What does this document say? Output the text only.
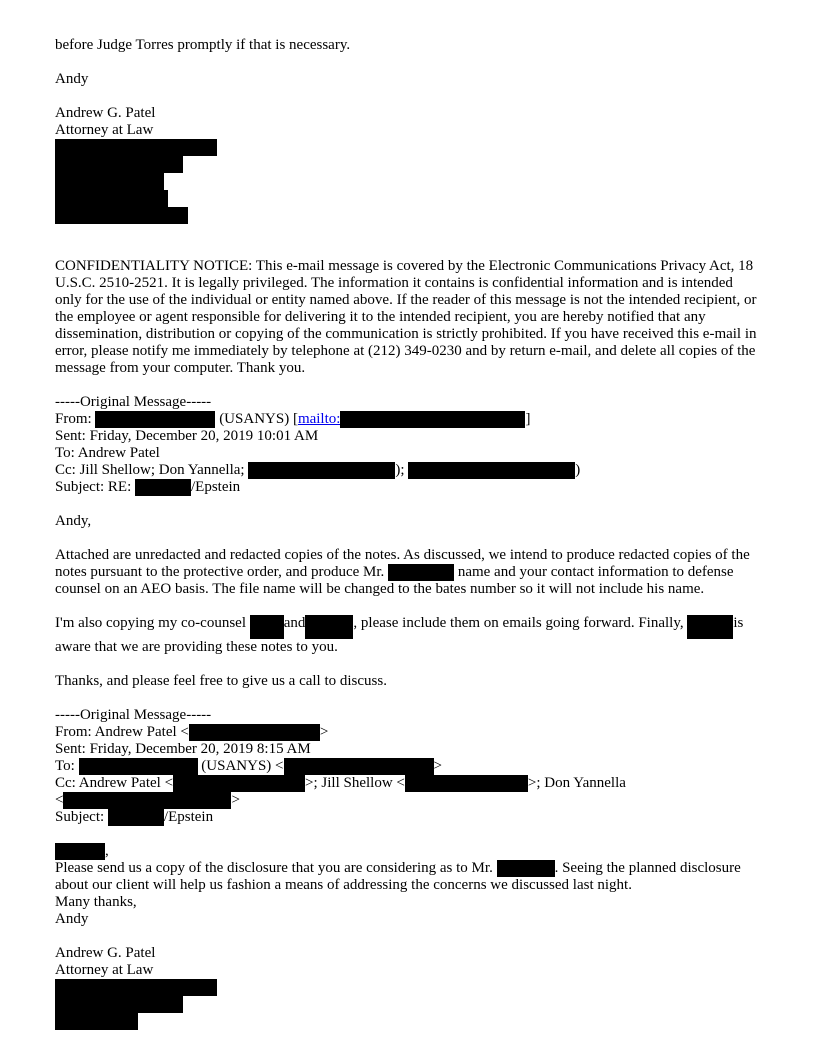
before Judge Torres promptly if that is necessary.
Andy
Andrew G. Patel
Attorney at Law
CONFIDENTIALITY NOTICE: This e-mail message is covered by the Electronic Communications Privacy Act, 18 U.S.C. 2510-2521. It is legally privileged. The information it contains is confidential information and is intended only for the use of the individual or entity named above. If the reader of this message is not the intended recipient, or the employee or agent responsible for delivering it to the intended recipient, you are hereby notified that any dissemination, distribution or copying of the communication is strictly prohibited. If you have received this e-mail in error, please notify me immediately by telephone at (212) 349-0230 and by return e-mail, and delete all copies of the message from your computer. Thank you.
-----Original Message-----
From:	(USANYS) [mailto:	]
Sent: Friday, December 20, 2019 10:01 AM
To: Andrew Patel
Cc: Jill Shellow; Don Yannella;	);	)
Subject: RE:	/Epstein
Andy,
Attached are unredacted and redacted copies of the notes. As discussed, we intend to produce redacted copies of the notes pursuant to the protective order, and produce Mr.	name and your contact information to defense counsel on an AEO basis. The file name will be changed to the bates number so it will not include his name.
I'm also copying my co-counsel and	, please include them on emails going forward. Finally,	is aware that we are providing these notes to you.
Thanks, and please feel free to give us a call to discuss.
-----Original Message-----
From: Andrew Patel <	>
Sent: Friday, December 20, 2019 8:15 AM
To:	(USANYS) <	>
Cc: Andrew Patel <	>; Jill Shellow <	>; Don Yannella
<	>
Subject:	/Epstein
,
Please send us a copy of the disclosure that you are considering as to Mr.	. Seeing the planned disclosure about our client will help us fashion a means of addressing the concerns we discussed last night.
Many thanks,
Andy
Andrew G. Patel
Attorney at Law
